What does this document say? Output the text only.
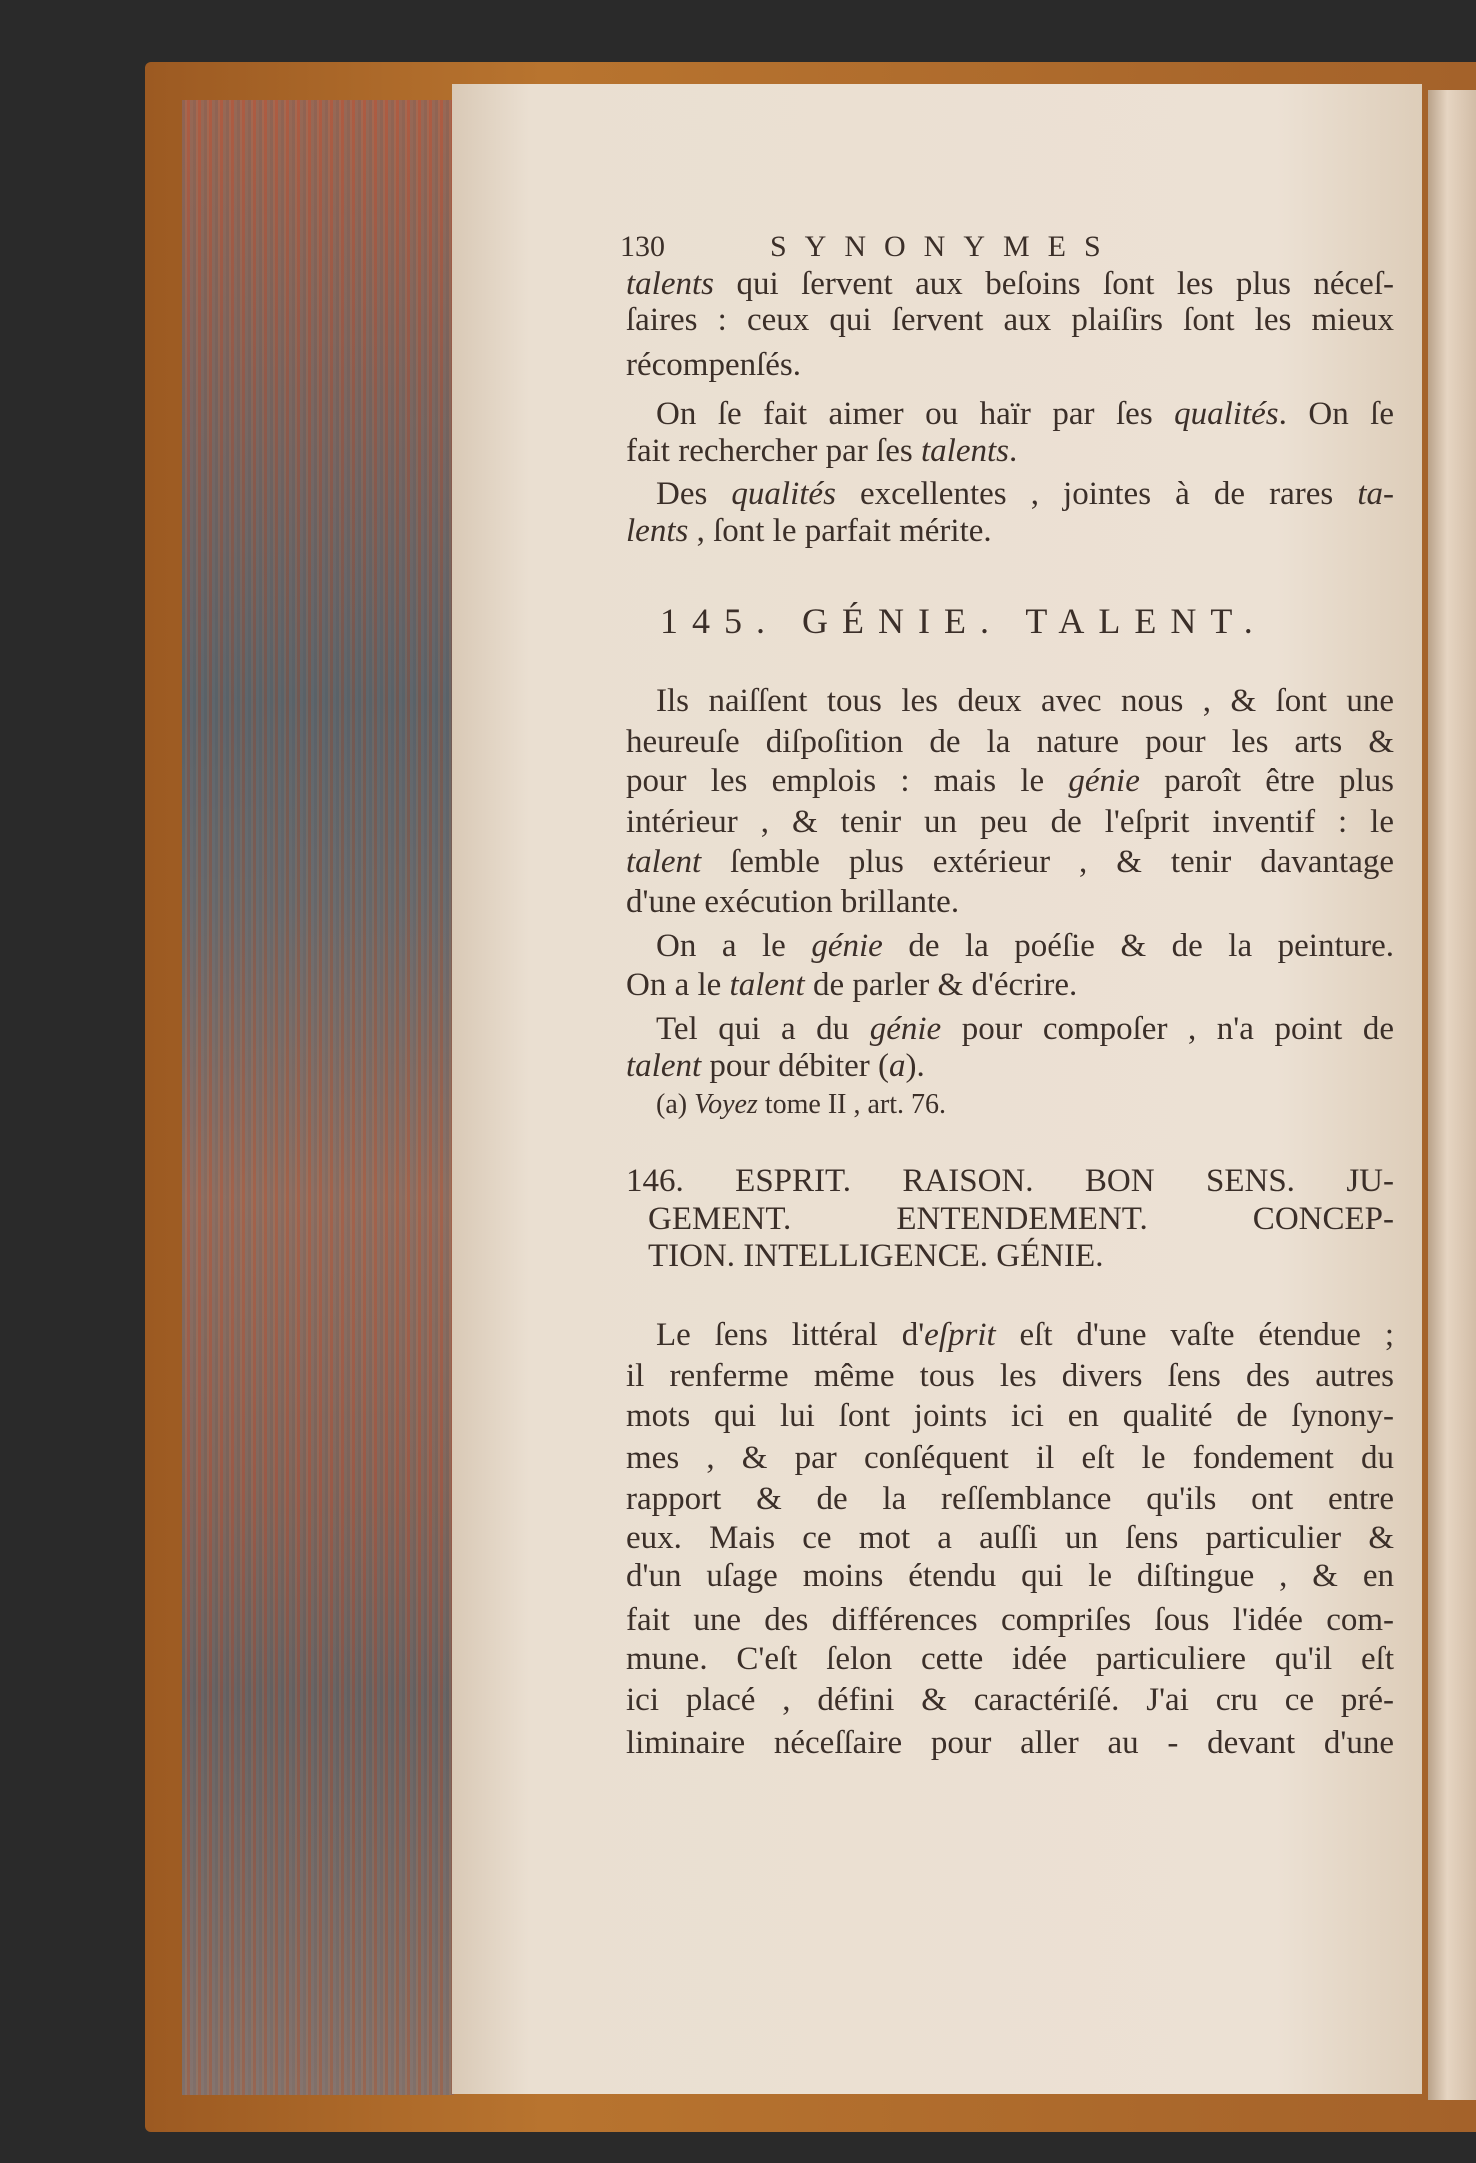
130	SYNONYMES
145. GÉNIE. TALENT.
146. ESPRIT. RAISON. BON SENS. JU-
GEMENT. ENTENDEMENT. CONCEP-
TION. INTELLIGENCE. GÉNIE.
talents qui ſervent aux beſoins ſont les plus néceſ-
ſaires : ceux qui ſervent aux plaiſirs ſont les mieux
récompenſés.
On ſe fait aimer ou haïr par ſes qualités. On ſe
fait rechercher par ſes talents.
Des qualités excellentes , jointes à de rares ta-
lents , ſont le parfait mérite.
Ils naiſſent tous les deux avec nous , & ſont une
heureuſe diſpoſition de la nature pour les arts &
pour les emplois : mais le génie paroît être plus
intérieur , & tenir un peu de l'eſprit inventif : le
talent ſemble plus extérieur , & tenir davantage
d'une exécution brillante.
On a le génie de la poéſie & de la peinture.
On a le talent de parler & d'écrire.
Tel qui a du génie pour compoſer , n'a point de
talent pour débiter (a).
(a) Voyez tome II , art. 76.
Le ſens littéral d'eſprit eſt d'une vaſte étendue ;
il renferme même tous les divers ſens des autres
mots qui lui ſont joints ici en qualité de ſynony-
mes , & par conſéquent il eſt le fondement du
rapport & de la reſſemblance qu'ils ont entre
eux. Mais ce mot a auſſi un ſens particulier &
d'un uſage moins étendu qui le diſtingue , & en
fait une des différences compriſes ſous l'idée com-
mune. C'eſt ſelon cette idée particuliere qu'il eſt
ici placé , défini & caractériſé. J'ai cru ce pré-
liminaire néceſſaire pour aller au - devant d'une
